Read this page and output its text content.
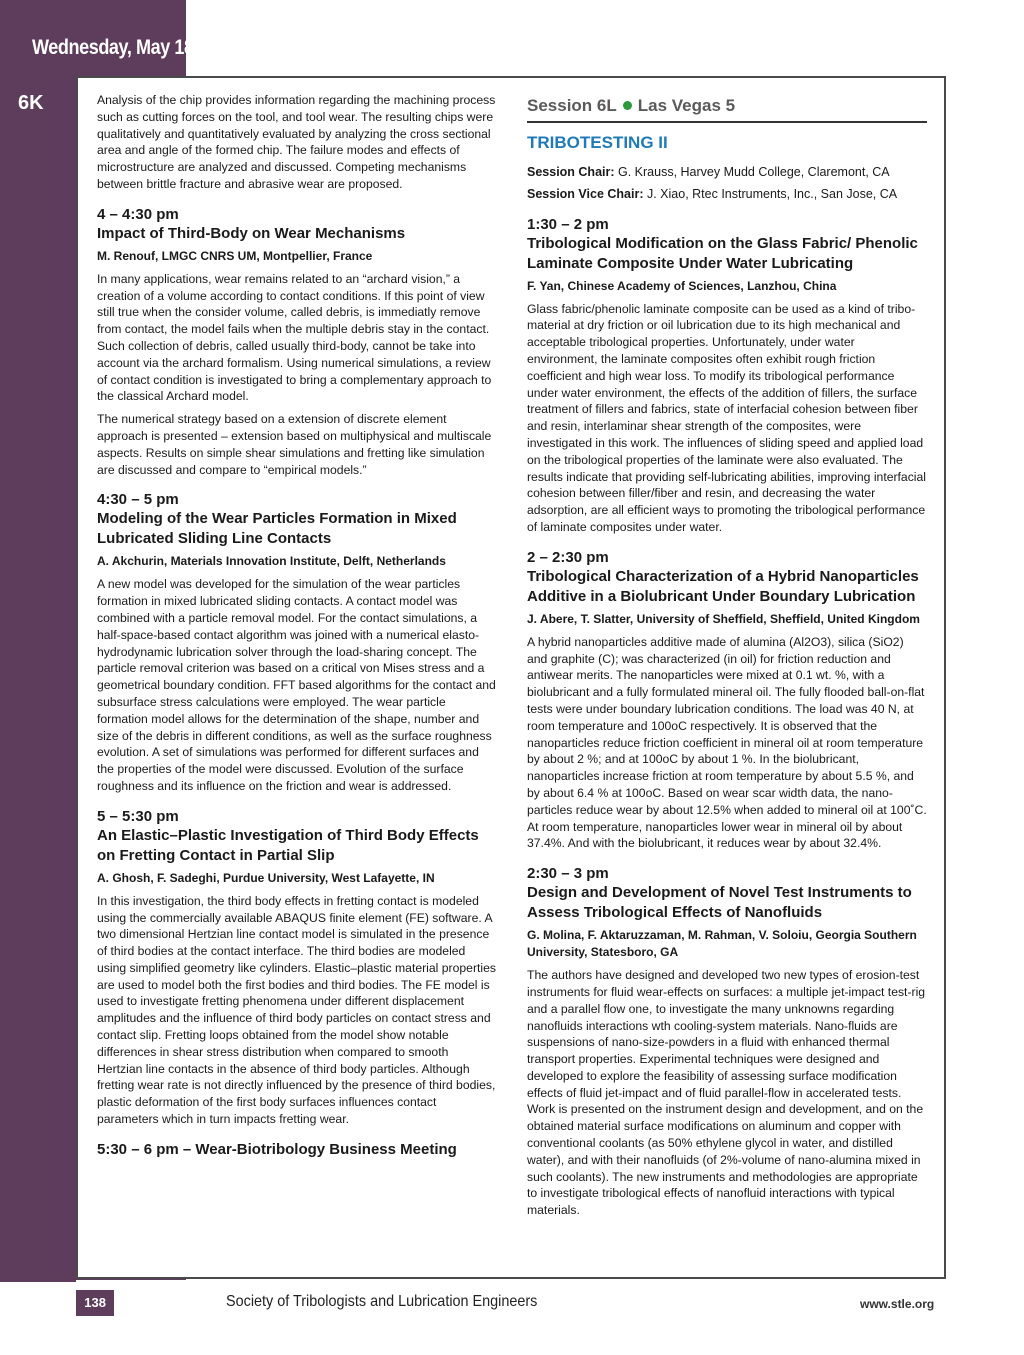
Wednesday, May 18
6K	Analysis of the chip provides information regarding the machining process such as cutting forces on the tool, and tool wear. The resulting chips were qualitatively and quantitatively evaluated by analyzing the cross sectional area and angle of the formed chip. The failure modes and effects of microstructure are analyzed and discussed. Competing mechanisms between brittle fracture and abrasive wear are proposed.

4 – 4:30 pm
Impact of Third-Body on Wear Mechanisms
M. Renouf, LMGC CNRS UM, Montpellier, France

In many applications, wear remains related to an “archard vision,” a creation of a volume according to contact conditions. If this point of view still true when the consider volume, called debris, is immediatly remove from contact, the model fails when the multiple debris stay in the contact. Such collection of debris, called usually third-body, cannot be take into account via the archard formalism. Using numerical simulations, a review of contact condition is investigated to bring a complementary approach to the classical Archard model.

The numerical strategy based on a extension of discrete element approach is presented – extension based on multiphysical and multiscale aspects. Results on simple shear simulations and fretting like simulation are discussed and compare to “empirical models.”

4:30 – 5 pm
Modeling of the Wear Particles Formation in Mixed Lubricated Sliding Line Contacts
A. Akchurin, Materials Innovation Institute, Delft, Netherlands

A new model was developed for the simulation of the wear particles formation in mixed lubricated sliding contacts. A contact model was combined with a particle removal model. For the contact simulations, a half-space-based contact algorithm was joined with a numerical elasto-hydrodynamic lubrication solver through the load-sharing concept. The particle removal criterion was based on a critical von Mises stress and a geometrical boundary condition. FFT based algorithms for the contact and subsurface stress calculations were employed. The wear particle formation model allows for the determination of the shape, number and size of the debris in different conditions, as well as the surface roughness evolution. A set of simulations was performed for different surfaces and the properties of the model were discussed. Evolution of the surface roughness and its influence on the friction and wear is addressed.

5 – 5:30 pm
An Elastic–Plastic Investigation of Third Body Effects on Fretting Contact in Partial Slip
A. Ghosh, F. Sadeghi, Purdue University, West Lafayette, IN

In this investigation, the third body effects in fretting contact is modeled using the commercially available ABAQUS finite element (FE) software. A two dimensional Hertzian line contact model is simulated in the presence of third bodies at the contact interface. The third bodies are modeled using simplified geometry like cylinders. Elastic–plastic material properties are used to model both the first bodies and third bodies. The FE model is used to investigate fretting phenomena under different displacement amplitudes and the influence of third body particles on contact stress and contact slip. Fretting loops obtained from the model show notable differences in shear stress distribution when compared to smooth Hertzian line contacts in the absence of third body particles. Although fretting wear rate is not directly influenced by the presence of third bodies, plastic deformation of the first body surfaces influences contact parameters which in turn impacts fretting wear.

5:30 – 6 pm – Wear-Biotribology Business Meeting
Session 6L Las Vegas 5
TRIBOTESTING II
Session Chair: G. Krauss, Harvey Mudd College, Claremont, CA
Session Vice Chair: J. Xiao, Rtec Instruments, Inc., San Jose, CA
1:30 – 2 pm
Tribological Modification on the Glass Fabric/ Phenolic Laminate Composite Under Water Lubricating
F. Yan, Chinese Academy of Sciences, Lanzhou, China

Glass fabric/phenolic laminate composite can be used as a kind of tribo-material at dry friction or oil lubrication due to its high mechanical and acceptable tribological properties. Unfortunately, under water environment, the laminate composites often exhibit rough friction coefficient and high wear loss. To modify its tribological performance under water environment, the effects of the addition of fillers, the surface treatment of fillers and fabrics, state of interfacial cohesion between fiber and resin, interlaminar shear strength of the composites, were investigated in this work. The influences of sliding speed and applied load on the tribological properties of the laminate were also evaluated. The results indicate that providing self-lubricating abilities, improving interfacial cohesion between filler/fiber and resin, and decreasing the water adsorption, are all efficient ways to promoting the tribological performance of laminate composites under water.

2 – 2:30 pm
Tribological Characterization of a Hybrid Nanoparticles Additive in a Biolubricant Under Boundary Lubrication
J. Abere, T. Slatter, University of Sheffield, Sheffield, United Kingdom

A hybrid nanoparticles additive made of alumina (Al2O3), silica (SiO2) and graphite (C); was characterized (in oil) for friction reduction and antiwear merits. The nanoparticles were mixed at 0.1 wt. %, with a biolubricant and a fully formulated mineral oil. The fully flooded ball-on-flat tests were under boundary lubrication conditions. The load was 40 N, at room temperature and 100oC respectively. It is observed that the nanoparticles reduce friction coefficient in mineral oil at room temperature by about 2 %; and at 100oC by about 1 %. In the biolubricant, nanoparticles increase friction at room temperature by about 5.5 %, and by about 6.4 % at 100oC. Based on wear scar width data, the nano-particles reduce wear by about 12.5% when added to mineral oil at 100˚C. At room temperature, nanoparticles lower wear in mineral oil by about 37.4%. And with the biolubricant, it reduces wear by about 32.4%.

2:30 – 3 pm
Design and Development of Novel Test Instruments to Assess Tribological Effects of Nanofluids
G. Molina, F. Aktaruzzaman, M. Rahman, V. Soloiu, Georgia Southern University, Statesboro, GA

The authors have designed and developed two new types of erosion-test instruments for fluid wear-effects on surfaces: a multiple jet-impact test-rig and a parallel flow one, to investigate the many unknowns regarding nanofluids interactions wth cooling-system materials. Nano-fluids are suspensions of nano-size-powders in a fluid with enhanced thermal transport properties. Experimental techniques were designed and developed to explore the feasibility of assessing surface modification effects of fluid jet-impact and of fluid parallel-flow in accelerated tests. Work is presented on the instrument design and development, and on the obtained material surface modifications on aluminum and copper with conventional coolants (as 50% ethylene glycol in water, and distilled water), and with their nanofluids (of 2%-volume of nano-alumina mixed in such coolants). The new instruments and methodologies are appropriate to investigate tribological effects of nanofluid interactions with typical materials.

138	Society of Tribologists and Lubrication Engineers	www.stle.org
